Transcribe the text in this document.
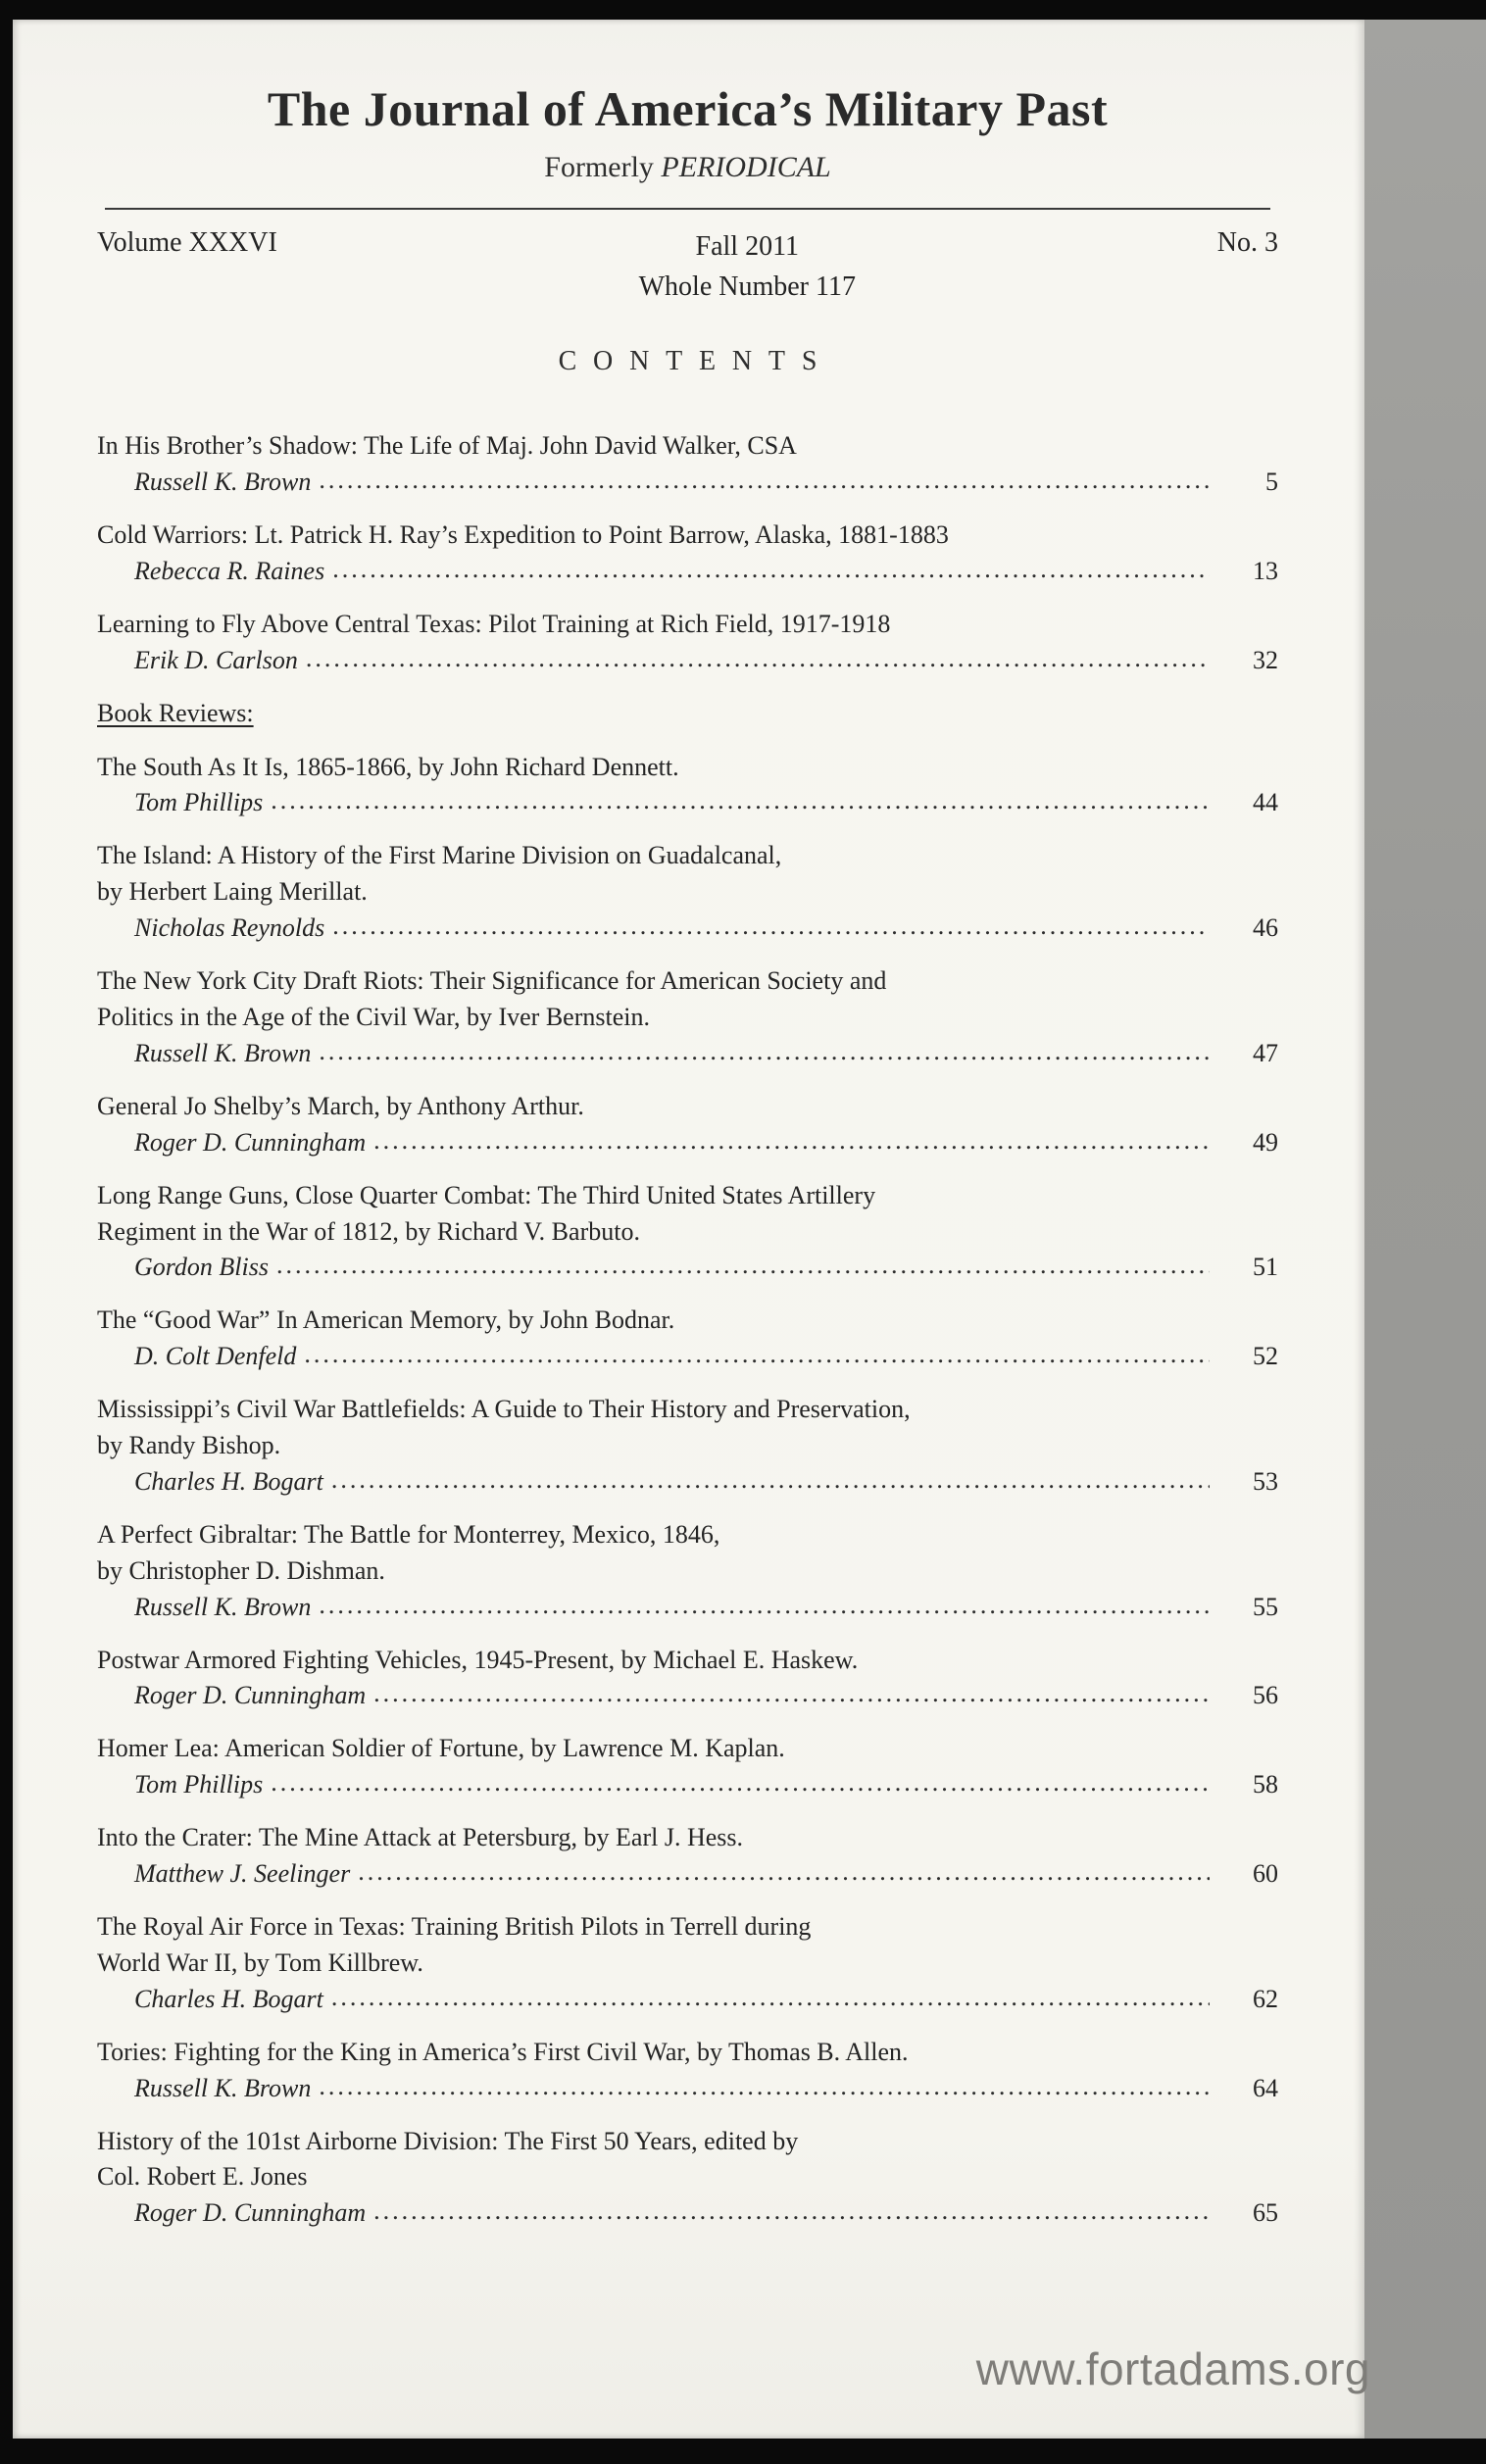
The Journal of America’s Military Past
Formerly PERIODICAL
Volume XXXVI	Fall 2011
Whole Number 117
No. 3
CONTENTS
In His Brother’s Shadow: The Life of Maj. John David Walker, CSA
Russell K. Brown .....	5
Cold Warriors: Lt. Patrick H. Ray’s Expedition to Point Barrow, Alaska, 1881-1883
Rebecca R. Raines .....	13
Learning to Fly Above Central Texas: Pilot Training at Rich Field, 1917-1918
Erik D. Carlson .....	32
Book Reviews:
The South As It Is, 1865-1866, by John Richard Dennett.
Tom Phillips .....	44
The Island: A History of the First Marine Division on Guadalcanal,
by Herbert Laing Merillat.
Nicholas Reynolds .....	46
The New York City Draft Riots: Their Significance for American Society and
Politics in the Age of the Civil War, by Iver Bernstein.
Russell K. Brown .....	47
General Jo Shelby’s March, by Anthony Arthur.
Roger D. Cunningham .....	49
Long Range Guns, Close Quarter Combat: The Third United States Artillery
Regiment in the War of 1812, by Richard V. Barbuto.
Gordon Bliss .....	51
The “Good War” In American Memory, by John Bodnar.
D. Colt Denfeld .....	52
Mississippi’s Civil War Battlefields: A Guide to Their History and Preservation,
by Randy Bishop.
Charles H. Bogart .....	53
A Perfect Gibraltar: The Battle for Monterrey, Mexico, 1846,
by Christopher D. Dishman.
Russell K. Brown .....	55
Postwar Armored Fighting Vehicles, 1945-Present, by Michael E. Haskew.
Roger D. Cunningham .....	56
Homer Lea: American Soldier of Fortune, by Lawrence M. Kaplan.
Tom Phillips .....	58
Into the Crater: The Mine Attack at Petersburg, by Earl J. Hess.
Matthew J. Seelinger .....	60
The Royal Air Force in Texas: Training British Pilots in Terrell during
World War II, by Tom Killbrew.
Charles H. Bogart .....	62
Tories: Fighting for the King in America’s First Civil War, by Thomas B. Allen.
Russell K. Brown .....	64
History of the 101st Airborne Division: The First 50 Years, edited by
Col. Robert E. Jones
Roger D. Cunningham .....	65
www.fortadams.org
